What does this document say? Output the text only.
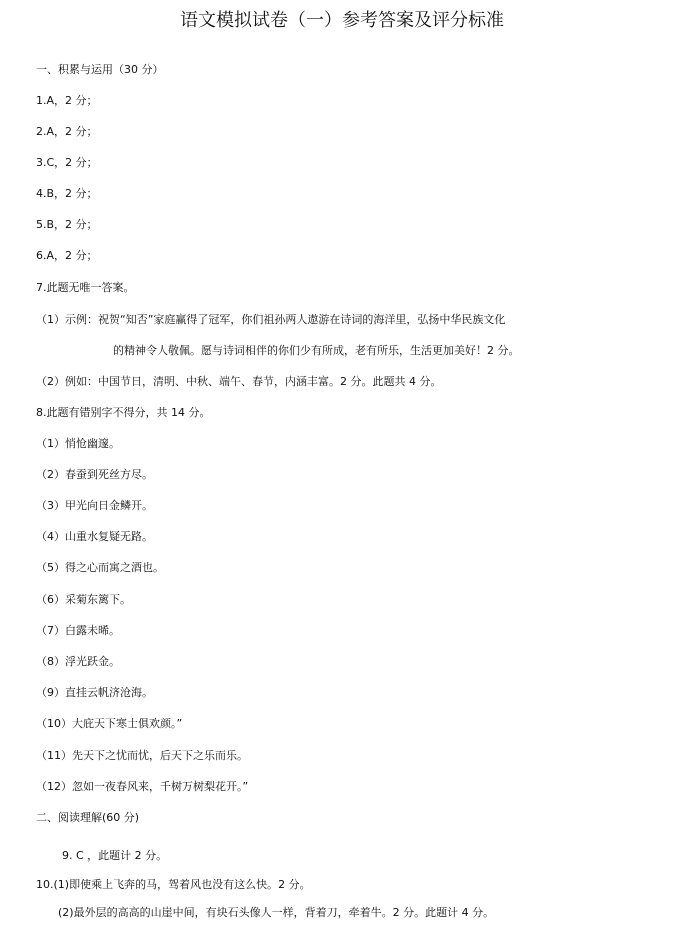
语文模拟试卷（一）参考答案及评分标准
一、积累与运用（30 分）
1.A，2 分；
2.A，2 分；
3.C，2 分；
4.B，2 分；
5.B，2 分；
6.A，2 分；
7.此题无唯一答案。
（1）示例：祝贺“知否”家庭赢得了冠军，你们祖孙两人遨游在诗词的海洋里，弘扬中华民族文化
的精神令人敬佩。愿与诗词相伴的你们少有所成，老有所乐，生活更加美好！2 分。
（2）例如：中国节日，清明、中秋、端午、春节，内涵丰富。2 分。此题共 4 分。
8.此题有错别字不得分，共 14 分。
（1）悄怆幽邃。
（2）春蚕到死丝方尽。
（3）甲光向日金鳞开。
（4）山重水复疑无路。
（5）得之心而寓之酒也。
（6）采菊东篱下。
（7）白露未晞。
（8）浮光跃金。
（9）直挂云帆济沧海。
（10）大庇天下寒士俱欢颜。”
（11）先天下之忧而忧，后天下之乐而乐。
（12）忽如一夜春风来，千树万树梨花开。”
二、阅读理解(60 分)
9. C ，此题计 2 分。
10.(1)即使乘上飞奔的马，驾着风也没有这么快。2 分。
(2)最外层的高高的山崖中间，有块石头像人一样，背着刀，牵着牛。2 分。此题计 4 分。
